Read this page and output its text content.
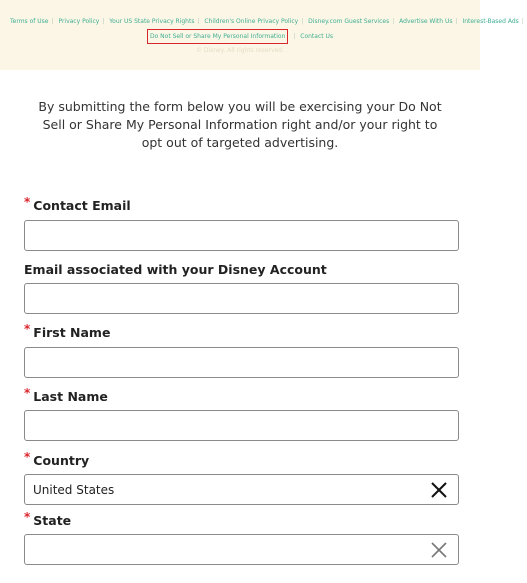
Terms of Use | Privacy Policy | Your US State Privacy Rights | Children's Online Privacy Policy | Disney.com Guest Services | Advertise With Us | Interest-Based Ads |
Do Not Sell or Share My Personal Information | Contact Us
© Disney. All rights reserved.
By submitting the form below you will be exercising your Do Not Sell or Share My Personal Information right and/or your right to opt out of targeted advertising.
* Contact Email
Email associated with your Disney Account
* First Name
* Last Name
* Country
United States
* State
